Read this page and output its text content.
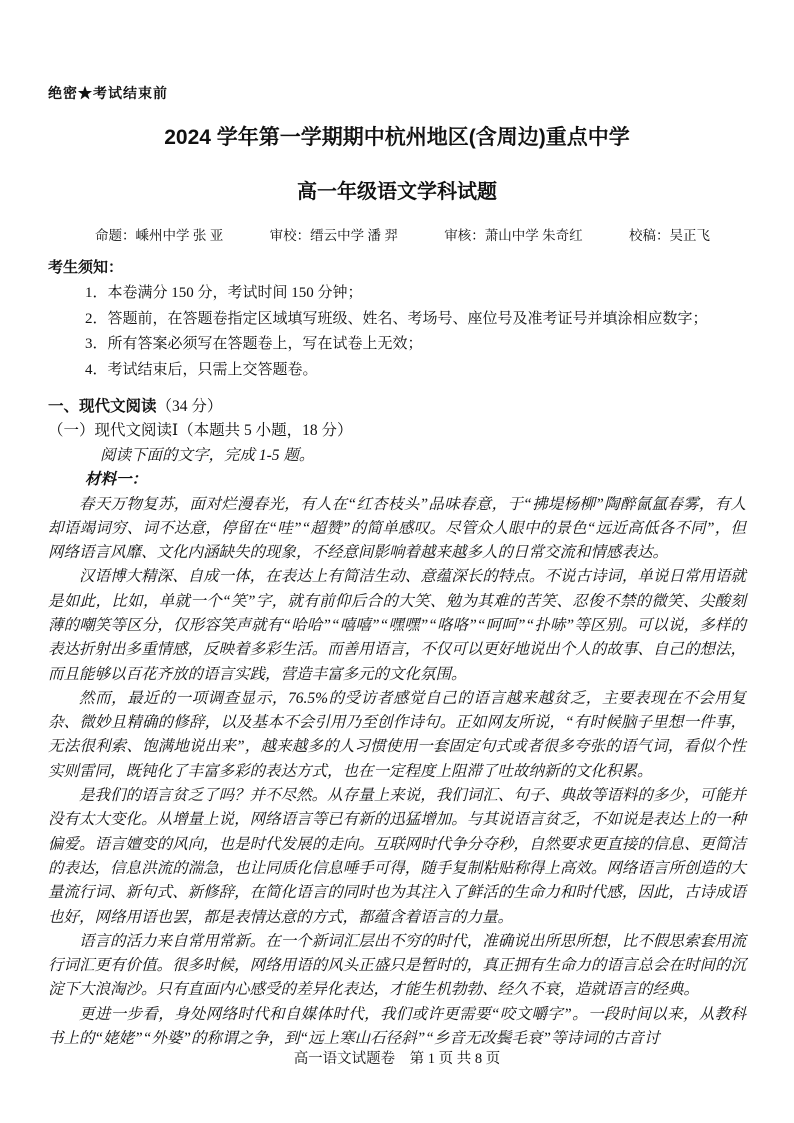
绝密★考试结束前
2024 学年第一学期期中杭州地区(含周边)重点中学
高一年级语文学科试题
命题：嵊州中学 张 亚	审校：缙云中学 潘 羿	审核：萧山中学 朱奇红	校稿：吴正飞
考生须知：
1．本卷满分 150 分，考试时间 150 分钟；
2．答题前，在答题卷指定区域填写班级、姓名、考场号、座位号及准考证号并填涂相应数字；
3．所有答案必须写在答题卷上，写在试卷上无效；
4．考试结束后，只需上交答题卷。
一、现代文阅读（34 分）
（一）现代文阅读Ⅰ（本题共 5 小题，18 分）
阅读下面的文字，完成 1-5 题。
材料一：

春天万物复苏，面对烂漫春光，有人在“红杏枝头”品味春意，于“拂堤杨柳”陶醉氤氲春雾，有人却语竭词穷、词不达意，停留在“哇”“超赞”的简单感叹。尽管众人眼中的景色“远近高低各不同”，但网络语言风靡、文化内涵缺失的现象，不经意间影响着越来越多人的日常交流和情感表达。

汉语博大精深、自成一体，在表达上有简洁生动、意蕴深长的特点。不说古诗词，单说日常用语就是如此，比如，单就一个“笑”字，就有前仰后合的大笑、勉为其难的苦笑、忍俊不禁的微笑、尖酸刻薄的嘲笑等区分，仅形容笑声就有“哈哈”“嘻嘻”“嘿嘿”“咯咯”“呵呵”“扑哧”等区别。可以说，多样的表达折射出多重情感，反映着多彩生活。而善用语言，不仅可以更好地说出个人的故事、自己的想法，而且能够以百花齐放的语言实践，营造丰富多元的文化氛围。

然而，最近的一项调查显示，76.5%的受访者感觉自己的语言越来越贫乏，主要表现在不会用复杂、微妙且精确的修辞，以及基本不会引用乃至创作诗句。正如网友所说，“有时候脑子里想一件事，无法很利索、饱满地说出来”，越来越多的人习惯使用一套固定句式或者很多夸张的语气词，看似个性实则雷同，既钝化了丰富多彩的表达方式，也在一定程度上阻滞了吐故纳新的文化积累。

是我们的语言贫乏了吗？并不尽然。从存量上来说，我们词汇、句子、典故等语料的多少，可能并没有太大变化。从增量上说，网络语言等已有新的迅猛增加。与其说语言贫乏，不如说是表达上的一种偏爱。语言嬗变的风向，也是时代发展的走向。互联网时代争分夺秒，自然要求更直接的信息、更简洁的表达，信息洪流的湍急，也让同质化信息唾手可得，随手复制粘贴称得上高效。网络语言所创造的大量流行词、新句式、新修辞，在简化语言的同时也为其注入了鲜活的生命力和时代感，因此，古诗成语也好，网络用语也罢，都是表情达意的方式，都蕴含着语言的力量。

语言的活力来自常用常新。在一个新词汇层出不穷的时代，准确说出所思所想，比不假思索套用流行词汇更有价值。很多时候，网络用语的风头正盛只是暂时的，真正拥有生命力的语言总会在时间的沉淀下大浪淘沙。只有直面内心感受的差异化表达，才能生机勃勃、经久不衰，造就语言的经典。

更进一步看，身处网络时代和自媒体时代，我们或许更需要“咬文嚼字”。一段时间以来，从教科书上的“姥姥”“外婆”的称谓之争，到“远上寒山石径斜”“乡音无改鬓毛衰”等诗词的古音讨

高一语文试题卷　第 1 页 共 8 页
